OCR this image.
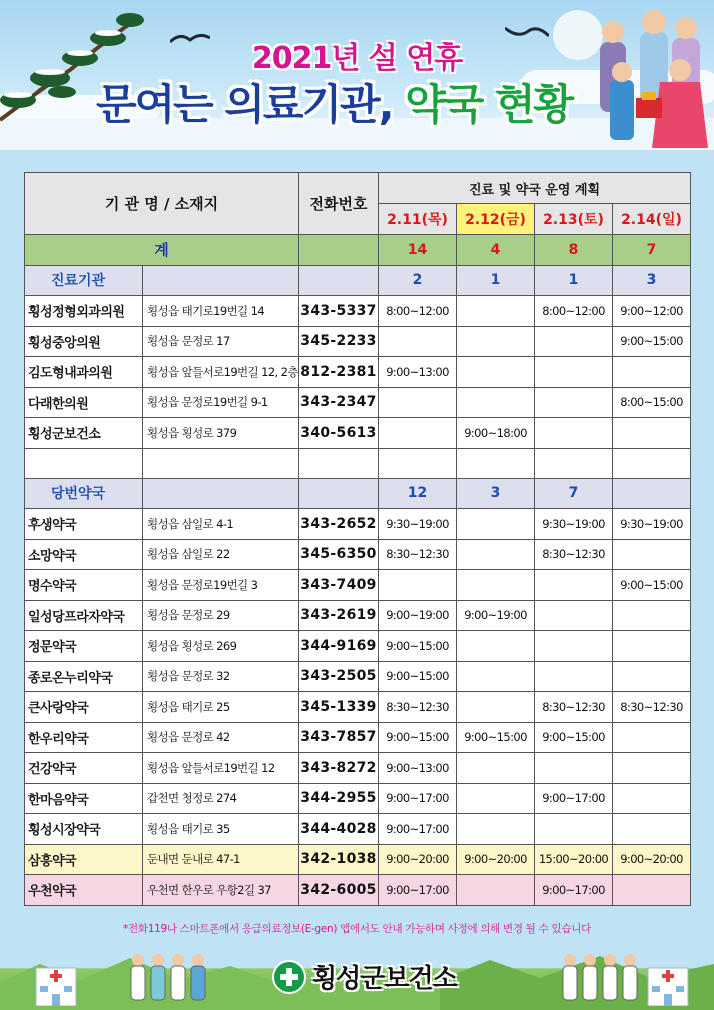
2021년 설 연휴
문여는 의료기관, 약국 현황
기 관 명 / 소재지		전화번호	진료 및 약국 운영 계획			
			2.11(목)	2.12(금)	2.13(토)	2.14(일)
계			14	4	8	7
진료기관			2	1	1	3
횡성정형외과의원	횡성읍 태기로19번길 14	343-5337	8:00~12:00		8:00~12:00	9:00~12:00
횡성중앙의원	횡성읍 문정로 17	345-2233				9:00~15:00
김도형내과의원	횡성읍 앞들서로19번길 12, 2층	812-2381	9:00~13:00			
다래한의원	횡성읍 문정로19번길 9-1	343-2347				8:00~15:00
횡성군보건소	횡성읍 횡성로 379	340-5613		9:00~18:00		

당번약국			12	3	7	
후생약국	횡성읍 삼일로 4-1	343-2652	9:30~19:00		9:30~19:00	9:30~19:00
소망약국	횡성읍 삼일로 22	345-6350	8:30~12:30		8:30~12:30	
명수약국	횡성읍 문정로19번길 3	343-7409				9:00~15:00
일성당프라자약국	횡성읍 문정로 29	343-2619	9:00~19:00	9:00~19:00		
정문약국	횡성읍 횡성로 269	344-9169	9:00~15:00			
종로온누리약국	횡성읍 문정로 32	343-2505	9:00~15:00			
큰사랑약국	횡성읍 태기로 25	345-1339	8:30~12:30		8:30~12:30	8:30~12:30
한우리약국	횡성읍 문정로 42	343-7857	9:00~15:00	9:00~15:00	9:00~15:00	
건강약국	횡성읍 앞들서로19번길 12	343-8272	9:00~13:00			
한마음약국	갑천면 청정로 274	344-2955	9:00~17:00		9:00~17:00	
횡성시장약국	횡성읍 태기로 35	344-4028	9:00~17:00			
삼흥약국	둔내면 둔내로 47-1	342-1038	9:00~20:00	9:00~20:00	15:00~20:00	9:00~20:00
우천약국	우천면 한우로 우항2길 37	342-6005	9:00~17:00		9:00~17:00	
*전화119나 스마트폰에서 응급의료정보(E-gen) 앱에서도 안내 가능하며 사정에 의해 변경 될 수 있습니다
횡성군보건소
